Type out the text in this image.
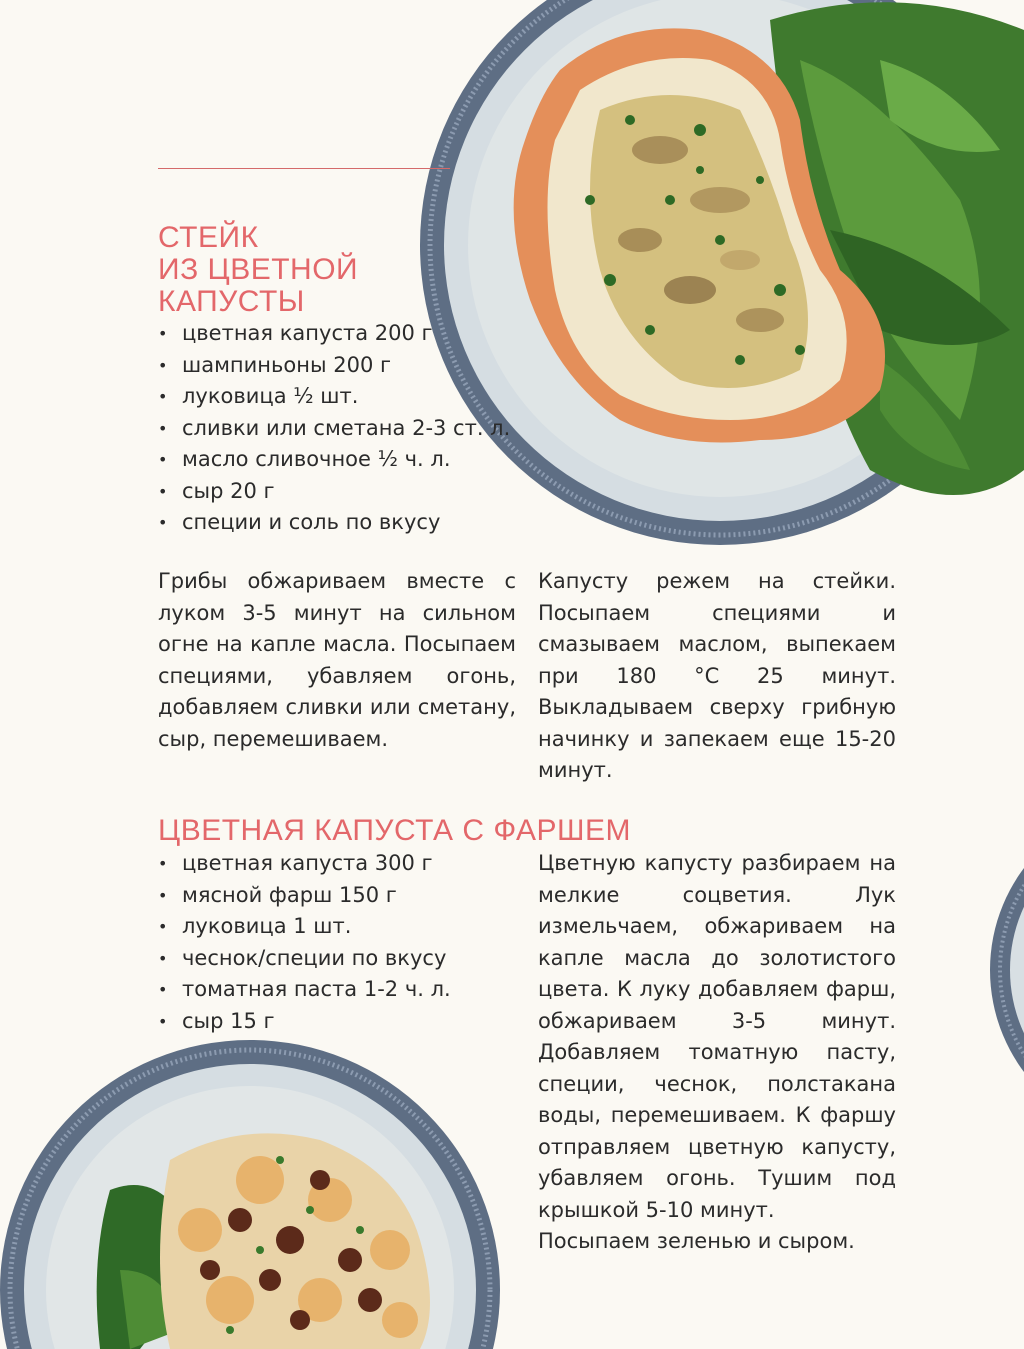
СТЕЙК
ИЗ ЦВЕТНОЙ
КАПУСТЫ
• цветная капуста 200 г
• шампиньоны 200 г
• луковица ½ шт.
• сливки или сметана 2-3 ст. л.
• масло сливочное ½ ч. л.
• сыр 20 г
• специи и соль по вкусу

Грибы обжариваем вместе с луком 3-5 минут на сильном огне на капле масла. Посыпаем специями, убавляем огонь, добавляем сливки или сметану, сыр, перемешиваем.

Капусту режем на стейки. Посыпаем специями и смазываем маслом, выпекаем при 180 °C 25 минут. Выкладываем сверху грибную начинку и запекаем еще 15-20 минут.

ЦВЕТНАЯ КАПУСТА С ФАРШЕМ
• цветная капуста 300 г
• мясной фарш 150 г
• луковица 1 шт.
• чеснок/специи по вкусу
• томатная паста 1-2 ч. л.
• сыр 15 г

Цветную капусту разбираем на мелкие соцветия. Лук измельчаем, обжариваем на капле масла до золотистого цвета. К луку добавляем фарш, обжариваем 3-5 минут. Добавляем томатную пасту, специи, чеснок, полстакана воды, перемешиваем. К фаршу отправляем цветную капусту, убавляем огонь. Тушим под крышкой 5-10 минут.

Посыпаем зеленью и сыром.
